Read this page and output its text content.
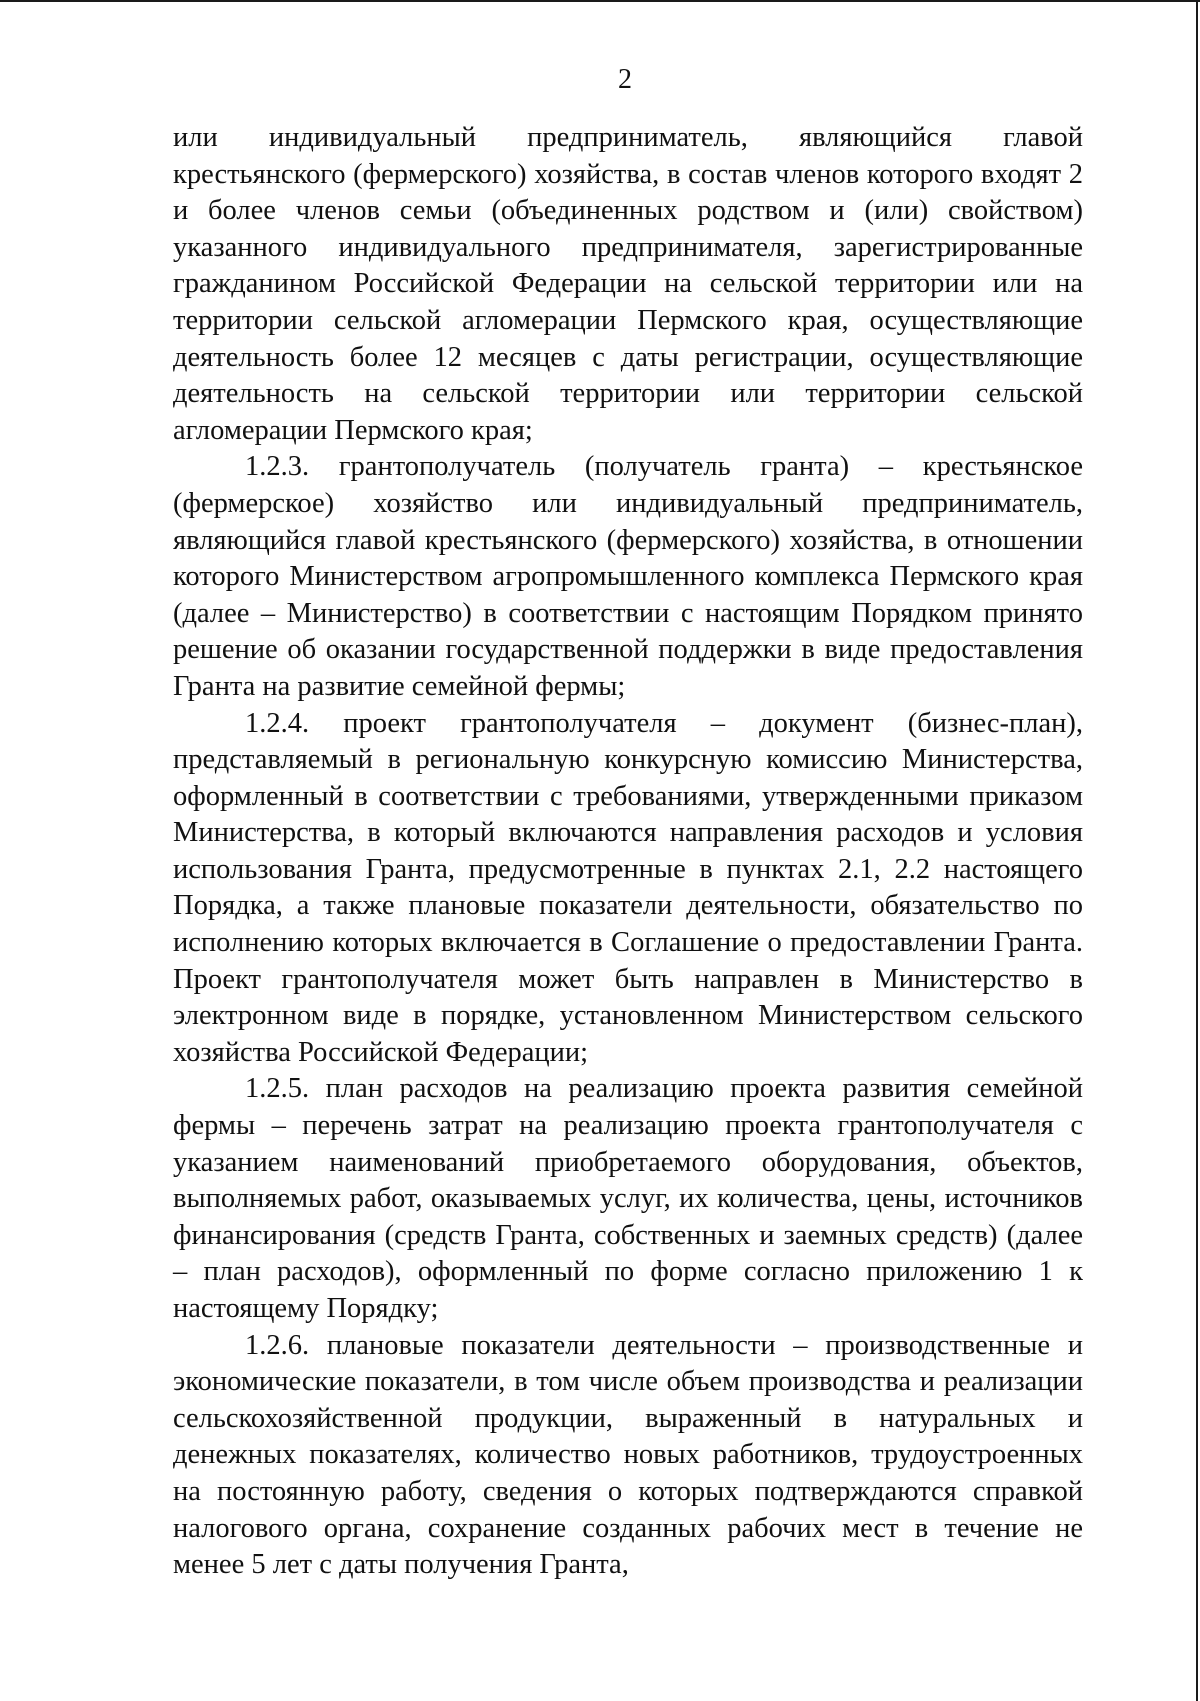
2

или индивидуальный предприниматель, являющийся главой крестьянского (фермерского) хозяйства, в состав членов которого входят 2 и более членов семьи (объединенных родством и (или) свойством) указанного индивидуального предпринимателя, зарегистрированные гражданином Российской Федерации на сельской территории или на территории сельской агломерации Пермского края, осуществляющие деятельность более 12 месяцев с даты регистрации, осуществляющие деятельность на сельской территории или территории сельской агломерации Пермского края;

1.2.3. грантополучатель (получатель гранта) – крестьянское (фермерское) хозяйство или индивидуальный предприниматель, являющийся главой крестьянского (фермерского) хозяйства, в отношении которого Министерством агропромышленного комплекса Пермского края (далее – Министерство) в соответствии с настоящим Порядком принято решение об оказании государственной поддержки в виде предоставления Гранта на развитие семейной фермы;

1.2.4. проект грантополучателя – документ (бизнес-план), представляемый в региональную конкурсную комиссию Министерства, оформленный в соответствии с требованиями, утвержденными приказом Министерства, в который включаются направления расходов и условия использования Гранта, предусмотренные в пунктах 2.1, 2.2 настоящего Порядка, а также плановые показатели деятельности, обязательство по исполнению которых включается в Соглашение о предоставлении Гранта. Проект грантополучателя может быть направлен в Министерство в электронном виде в порядке, установленном Министерством сельского хозяйства Российской Федерации;

1.2.5. план расходов на реализацию проекта развития семейной фермы – перечень затрат на реализацию проекта грантополучателя с указанием наименований приобретаемого оборудования, объектов, выполняемых работ, оказываемых услуг, их количества, цены, источников финансирования (средств Гранта, собственных и заемных средств) (далее – план расходов), оформленный по форме согласно приложению 1 к настоящему Порядку;

1.2.6. плановые показатели деятельности – производственные и экономические показатели, в том числе объем производства и реализации сельскохозяйственной продукции, выраженный в натуральных и денежных показателях, количество новых работников, трудоустроенных на постоянную работу, сведения о которых подтверждаются справкой налогового органа, сохранение созданных рабочих мест в течение не менее 5 лет с даты получения Гранта,
